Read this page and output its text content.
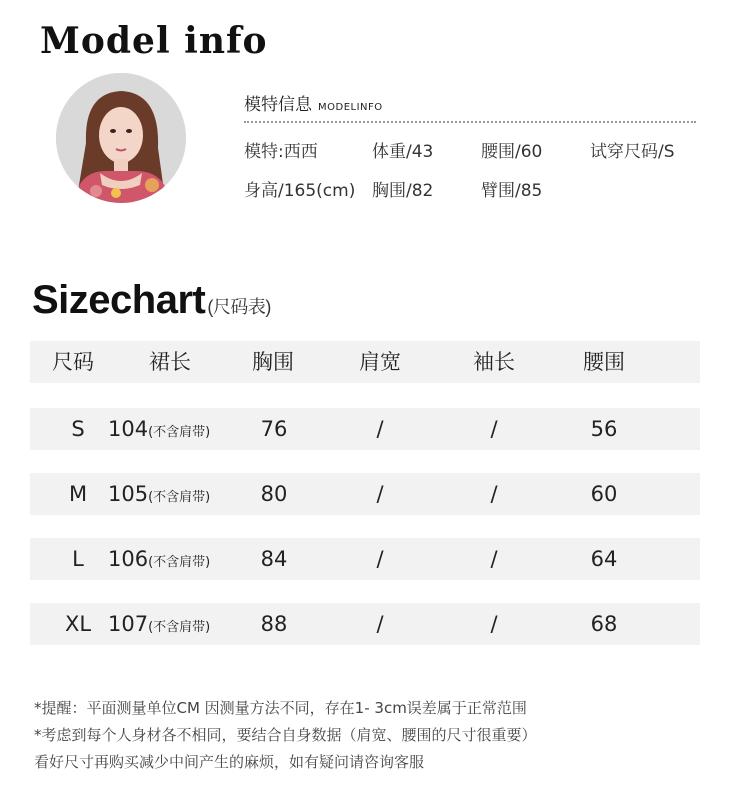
Model info
模特信息 MODELINFO
模特:西西	体重/43	腰围/60	试穿尺码/S
身高/165(cm) 胸围/82	臂围/85
Sizechart (尺码表)
尺码	裙长	胸围	肩宽	袖长	腰围
S	104(不含肩带)	76	/	/	56
M 105(不含肩带)	80	/	/	60
L	106(不含肩带)	84	/	/	64
XL 107(不含肩带)	88	/	/	68
*提醒：平面测量单位CM 因测量方法不同，存在1- 3cm误差属于正常范围
*考虑到每个人身材各不相同，要结合自身数据（肩宽、腰围的尺寸很重要）
看好尺寸再购买减少中间产生的麻烦，如有疑问请咨询客服
